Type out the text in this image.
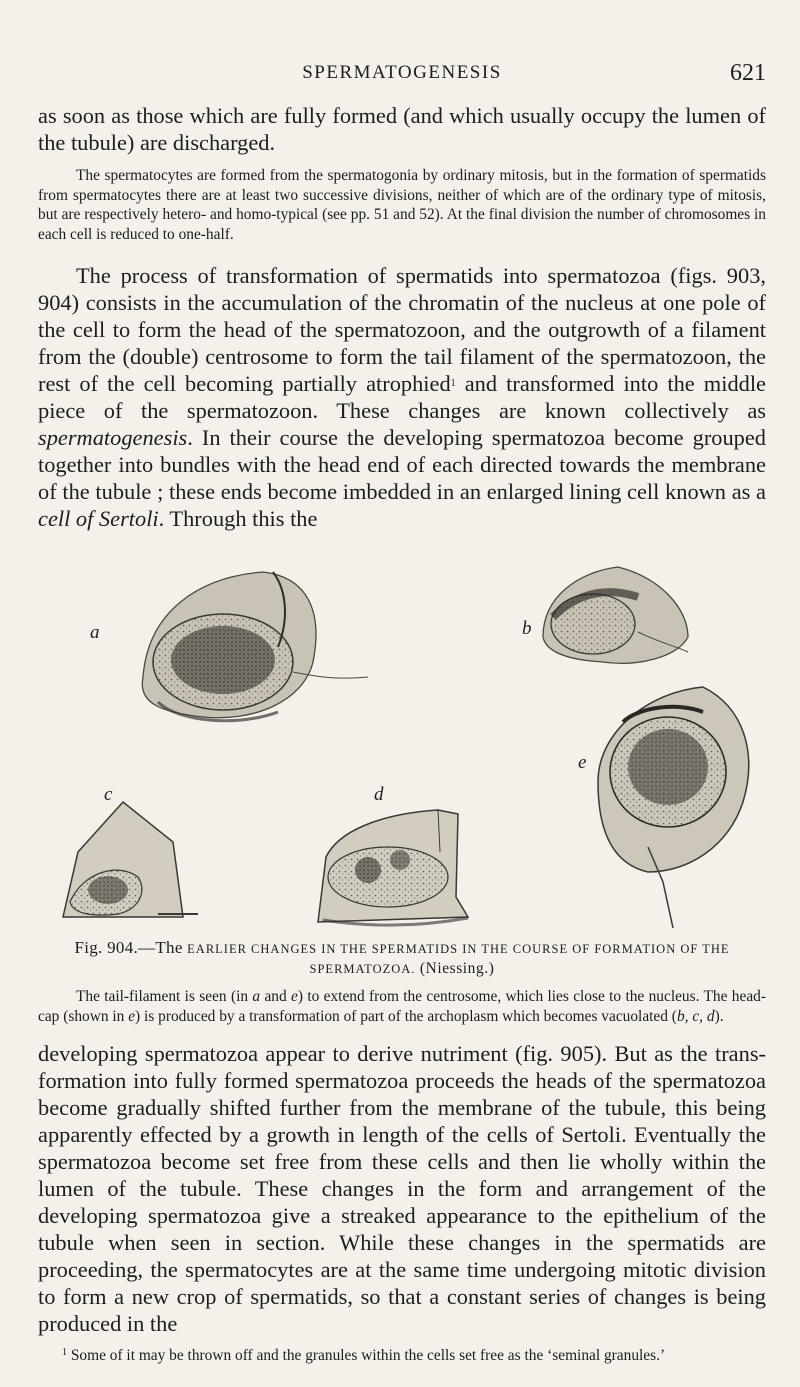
SPERMATOGENESIS	621

as soon as those which are fully formed (and which usually occupy the lumen of the tubule) are discharged.

The spermatocytes are formed from the spermatogonia by ordinary mitosis, but in the formation of spermatids from spermatocytes there are at least two successive divisions, neither of which are of the ordinary type of mitosis, but are respectively hetero- and homo-typical (see pp. 51 and 52). At the final division the number of chromosomes in each cell is reduced to one-half.

The process of transformation of spermatids into spermatozoa (figs. 903, 904) consists in the accumulation of the chromatin of the nucleus at one pole of the cell to form the head of the spermatozoon, and the outgrowth of a filament from the (double) centrosome to form the tail filament of the spermatozoon, the rest of the cell becoming partially atrophied$^1$ and transformed into the middle piece of the spermatozoon. These changes are known collectively as spermatogenesis. In their course the developing spermatozoa become grouped together into bundles with the head end of each directed towards the membrane of the tubule ; these ends become imbedded in an enlarged lining cell known as a cell of Sertoli. Through this the

a	b
c	d
e

Fig. 904.—The EARLIER CHANGES IN THE SPERMATIDS IN THE COURSE OF FORMATION OF THE SPERMATOZOA. (Niessing.)

The tail-filament is seen (in a and e) to extend from the centrosome, which lies close to the nucleus. The head-cap (shown in e) is produced by a transformation of part of the archoplasm which becomes vacuolated (b, c, d).

developing spermatozoa appear to derive nutriment (fig. 905). But as the trans-formation into fully formed spermatozoa proceeds the heads of the spermatozoa become gradually shifted further from the membrane of the tubule, this being apparently effected by a growth in length of the cells of Sertoli. Eventually the spermatozoa become set free from these cells and then lie wholly within the lumen of the tubule. These changes in the form and arrangement of the developing spermatozoa give a streaked appearance to the epithelium of the tubule when seen in section. While these changes in the spermatids are proceeding, the spermatocytes are at the same time undergoing mitotic division to form a new crop of spermatids, so that a constant series of changes is being produced in the

$^1$ Some of it may be thrown off and the granules within the cells set free as the ‘seminal granules.’
